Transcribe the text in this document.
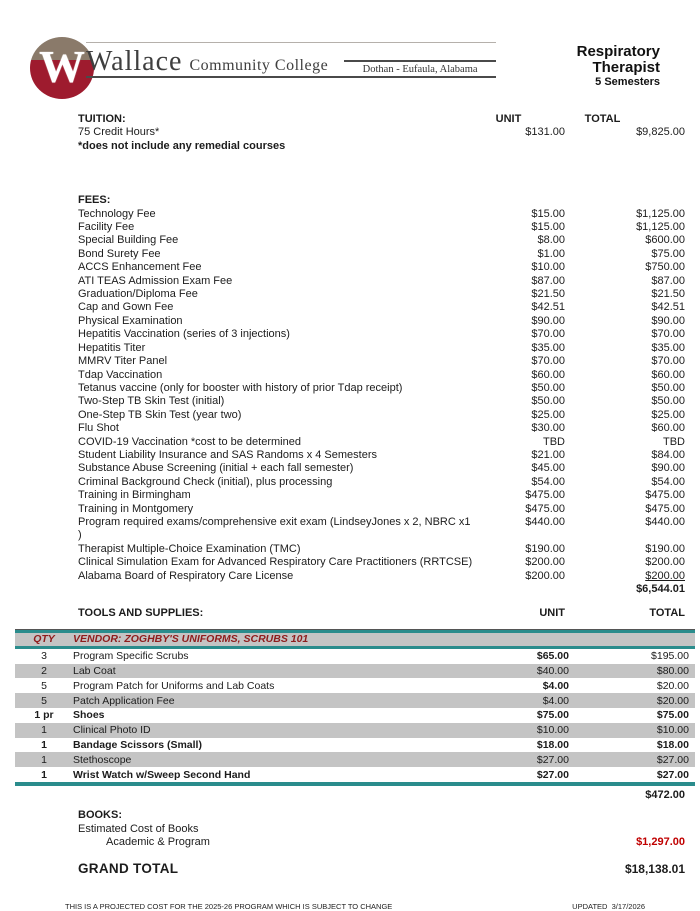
W Wallace Community College	Dothan - Eufaula, Alabama
Respiratory
Therapist
5 Semesters
TUITION:	UNIT	TOTAL
75 Credit Hours*	$131.00	$9,825.00
*does not include any remedial courses
FEES:
Technology Fee	$15.00	$1,125.00
Facility Fee	$15.00	$1,125.00
Special Building Fee	$8.00	$600.00
Bond Surety Fee	$1.00	$75.00
ACCS Enhancement Fee	$10.00	$750.00
ATI TEAS Admission Exam Fee	$87.00	$87.00
Graduation/Diploma Fee	$21.50	$21.50
Cap and Gown Fee	$42.51	$42.51
Physical Examination	$90.00	$90.00
Hepatitis Vaccination (series of 3 injections)	$70.00	$70.00
Hepatitis Titer	$35.00	$35.00
MMRV Titer Panel	$70.00	$70.00
Tdap Vaccination	$60.00	$60.00
Tetanus vaccine (only for booster with history of prior Tdap receipt)	$50.00	$50.00
Two-Step TB Skin Test (initial)	$50.00	$50.00
One-Step TB Skin Test (year two)	$25.00	$25.00
Flu Shot	$30.00	$60.00
COVID-19 Vaccination *cost to be determined	TBD	TBD
Student Liability Insurance and SAS Randoms x 4 Semesters	$21.00	$84.00
Substance Abuse Screening (initial + each fall semester)	$45.00	$90.00
Criminal Background Check (initial), plus processing	$54.00	$54.00
Training in Birmingham	$475.00	$475.00
Training in Montgomery	$475.00	$475.00
Program required exams/comprehensive exit exam (LindseyJones x 2, NBRC x1 )
$440.00	$440.00
Therapist Multiple-Choice Examination (TMC)	$190.00	$190.00
Clinical Simulation Exam for Advanced Respiratory Care Practitioners (RRTCSE)	$200.00	$200.00
Alabama Board of Respiratory Care License	$200.00	$200.00
$6,544.01
TOOLS AND SUPPLIES:	UNIT	TOTAL
QTY	VENDOR: ZOGHBY'S UNIFORMS, SCRUBS 101
3	Program Specific Scrubs	$65.00	$195.00
2	Lab Coat	$40.00	$80.00
5	Program Patch for Uniforms and Lab Coats	$4.00	$20.00
5	Patch Application Fee	$4.00	$20.00
1 pr	Shoes	$75.00	$75.00
1	Clinical Photo ID	$10.00	$10.00
1	Bandage Scissors (Small)	$18.00	$18.00
1	Stethoscope	$27.00	$27.00
1	Wrist Watch w/Sweep Second Hand	$27.00	$27.00
$472.00
BOOKS:
Estimated Cost of Books
Academic & Program	$1,297.00
GRAND TOTAL	$18,138.01
THIS IS A PROJECTED COST FOR THE 2025-26 PROGRAM WHICH IS SUBJECT TO CHANGE	UPDATED  3/17/2026
